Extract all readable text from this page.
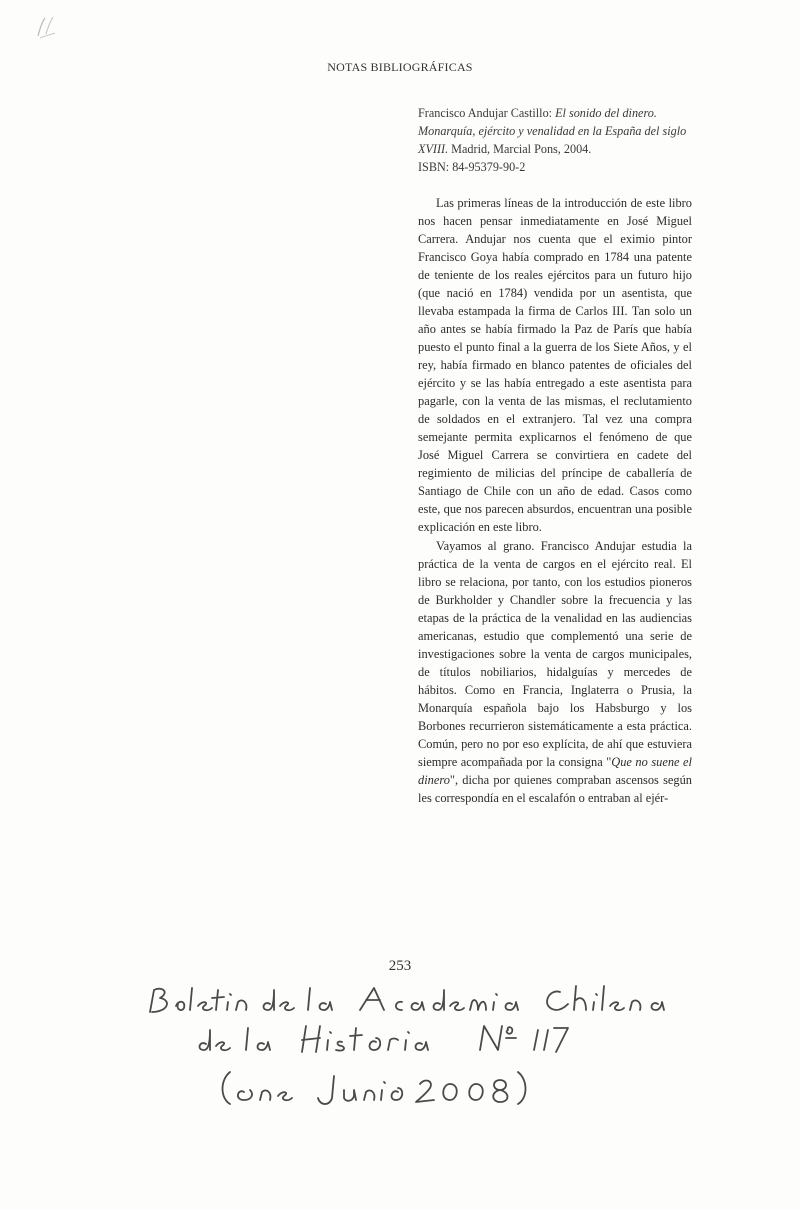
NOTAS BIBLIOGRÁFICAS
Francisco Andujar Castillo: El sonido del dinero. Monarquía, ejército y venalidad en la España del siglo XVIII. Madrid, Marcial Pons, 2004.
ISBN: 84-95379-90-2

Las primeras líneas de la introducción de este libro nos hacen pensar inmediatamente en José Miguel Carrera. Andujar nos cuenta que el eximio pintor Francisco Goya había comprado en 1784 una patente de teniente de los reales ejércitos para un futuro hijo (que nació en 1784) vendida por un asentista, que llevaba estampada la firma de Carlos III. Tan solo un año antes se había firmado la Paz de París que había puesto el punto final a la guerra de los Siete Años, y el rey, había firmado en blanco patentes de oficiales del ejército y se las había entregado a este asentista para pagarle, con la venta de las mismas, el reclutamiento de soldados en el extranjero. Tal vez una compra semejante permita explicarnos el fenómeno de que José Miguel Carrera se convirtiera en cadete del regimiento de milicias del príncipe de caballería de Santiago de Chile con un año de edad. Casos como este, que nos parecen absurdos, encuentran una posible explicación en este libro.

Vayamos al grano. Francisco Andujar estudia la práctica de la venta de cargos en el ejército real. El libro se relaciona, por tanto, con los estudios pioneros de Burkholder y Chandler sobre la frecuencia y las etapas de la práctica de la venalidad en las audiencias americanas, estudio que complementó una serie de investigaciones sobre la venta de cargos municipales, de títulos nobiliarios, hidalguías y mercedes de hábitos. Como en Francia, Inglaterra o Prusia, la Monarquía española bajo los Habsburgo y los Borbones recurrieron sistemáticamente a esta práctica. Común, pero no por eso explícita, de ahí que estuviera siempre acompañada por la consigna "Que no suene el dinero", dicha por quienes compraban ascensos según les correspondía en el escalafón o entraban al ejér-

253
